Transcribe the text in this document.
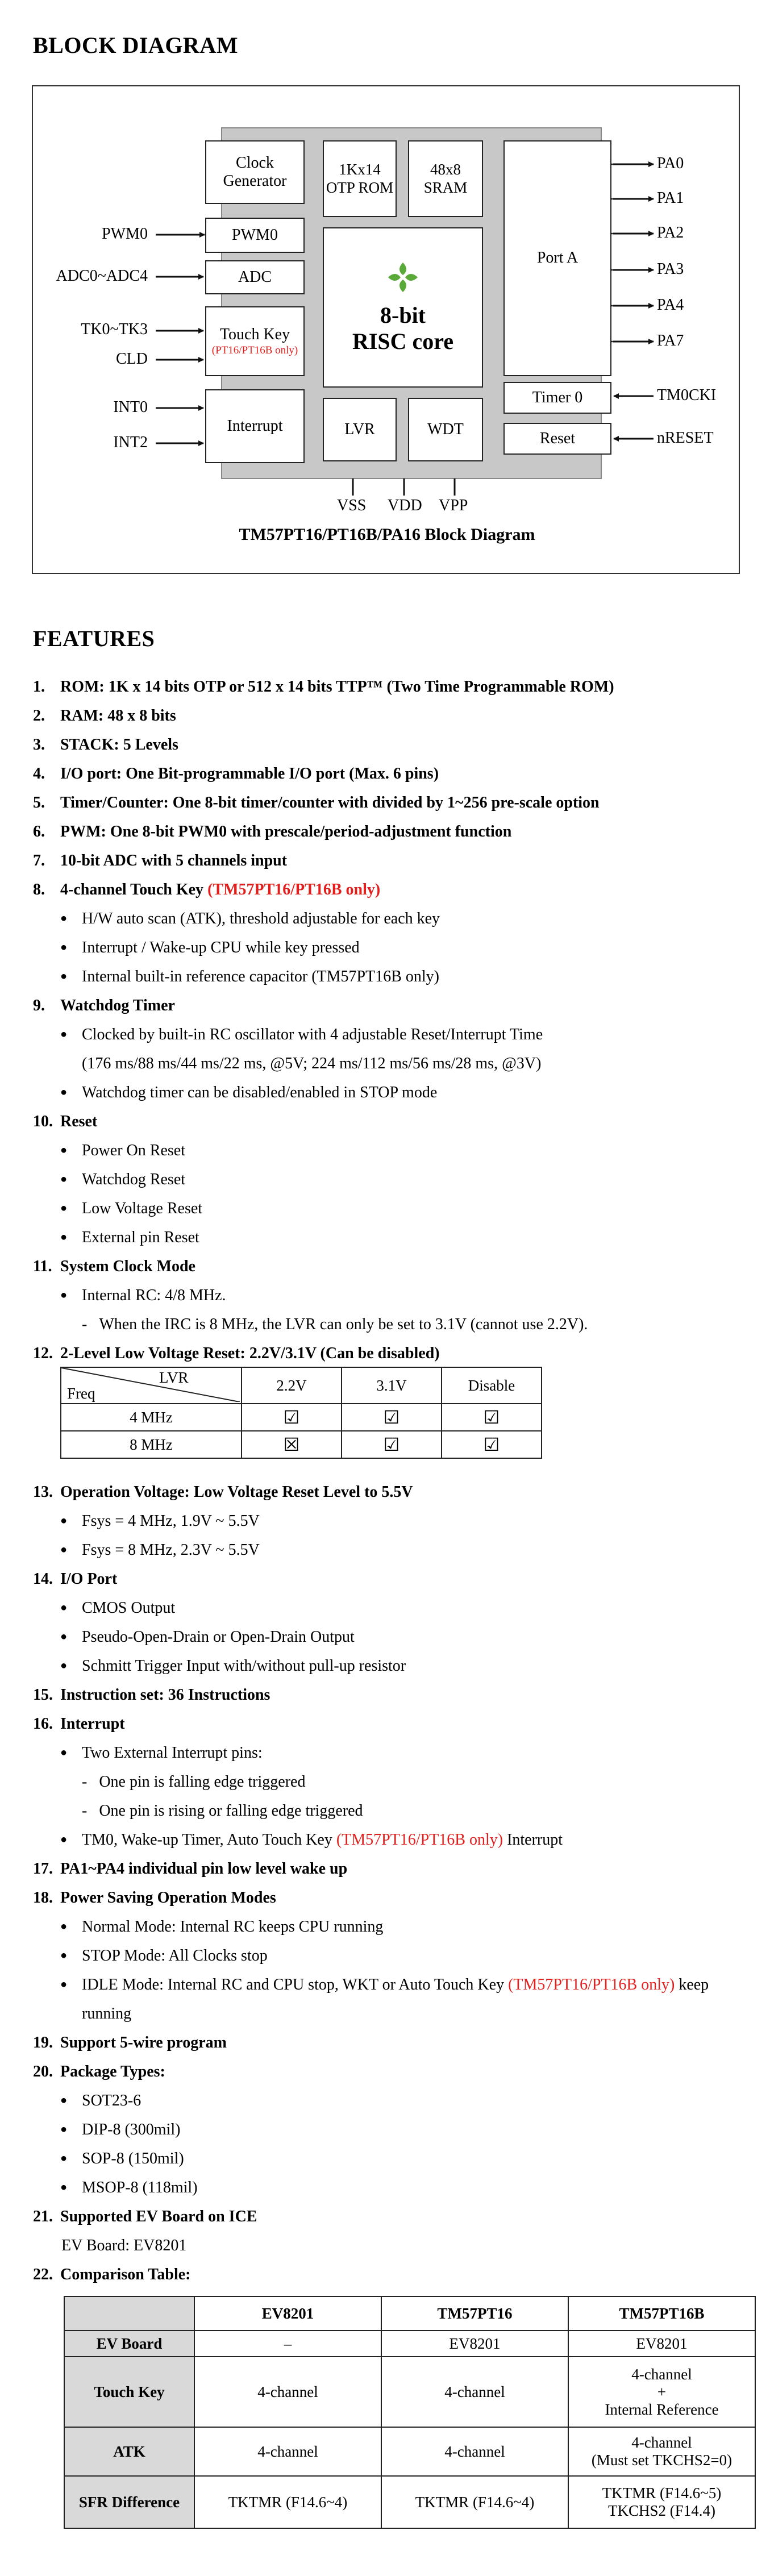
BLOCK DIAGRAM
Clock Generator
1Kx14 OTP ROM
48x8 SRAM
Port A
PWM0
ADC
Touch Key
(PT16/PT16B only)
Interrupt
8-bit
RISC core
LVR	WDT
Timer 0
Reset
PWM0
ADC0~ADC4
TK0~TK3
CLD
INT0
INT2
PA0
PA1
PA2
PA3
PA4
PA7
TM0CKI
nRESET
VSS VDD VPP
TM57PT16/PT16B/PA16 Block Diagram
FEATURES
1. ROM: 1K x 14 bits OTP or 512 x 14 bits TTP™ (Two Time Programmable ROM)
2. RAM: 48 x 8 bits
3. STACK: 5 Levels
4. I/O port: One Bit-programmable I/O port (Max. 6 pins)
5. Timer/Counter: One 8-bit timer/counter with divided by 1~256 pre-scale option
6. PWM: One 8-bit PWM0 with prescale/period-adjustment function
7. 10-bit ADC with 5 channels input
8. 4-channel Touch Key (TM57PT16/PT16B only)
● H/W auto scan (ATK), threshold adjustable for each key
● Interrupt / Wake-up CPU while key pressed
● Internal built-in reference capacitor (TM57PT16B only)
9. Watchdog Timer
● Clocked by built-in RC oscillator with 4 adjustable Reset/Interrupt Time
(176 ms/88 ms/44 ms/22 ms, @5V; 224 ms/112 ms/56 ms/28 ms, @3V)
● Watchdog timer can be disabled/enabled in STOP mode
10. Reset
● Power On Reset
● Watchdog Reset
● Low Voltage Reset
● External pin Reset
11. System Clock Mode
● Internal RC: 4/8 MHz.
-   When the IRC is 8 MHz, the LVR can only be set to 3.1V (cannot use 2.2V).
12. 2-Level Low Voltage Reset: 2.2V/3.1V (Can be disabled)
LVR
Freq	2.2V	3.1V	Disable
4 MHz	☑	☑	☑
8 MHz	☒	☑	☑
13. Operation Voltage: Low Voltage Reset Level to 5.5V
● Fsys = 4 MHz, 1.9V ~ 5.5V
● Fsys = 8 MHz, 2.3V ~ 5.5V
14. I/O Port
● CMOS Output
● Pseudo-Open-Drain or Open-Drain Output
● Schmitt Trigger Input with/without pull-up resistor
15. Instruction set: 36 Instructions
16. Interrupt
● Two External Interrupt pins:
-   One pin is falling edge triggered
-   One pin is rising or falling edge triggered
● TM0, Wake-up Timer, Auto Touch Key (TM57PT16/PT16B only) Interrupt
17. PA1~PA4 individual pin low level wake up
18. Power Saving Operation Modes
● Normal Mode: Internal RC keeps CPU running
● STOP Mode: All Clocks stop
● IDLE Mode: Internal RC and CPU stop, WKT or Auto Touch Key (TM57PT16/PT16B only) keep
running
19. Support 5-wire program
20. Package Types:
● SOT23-6
● DIP-8 (300mil)
● SOP-8 (150mil)
● MSOP-8 (118mil)
21. Supported EV Board on ICE
EV Board: EV8201
22. Comparison Table:
	EV8201	TM57PT16	TM57PT16B
EV Board	–	EV8201	EV8201
Touch Key	4-channel	4-channel	4-channel
+
Internal Reference

ATK	4-channel	4-channel	4-channel
(Must set TKCHS2=0)

SFR Difference	TKTMR (F14.6~4)	TKTMR (F14.6~4)	TKTMR (F14.6~5)
TKCHS2 (F14.4)
